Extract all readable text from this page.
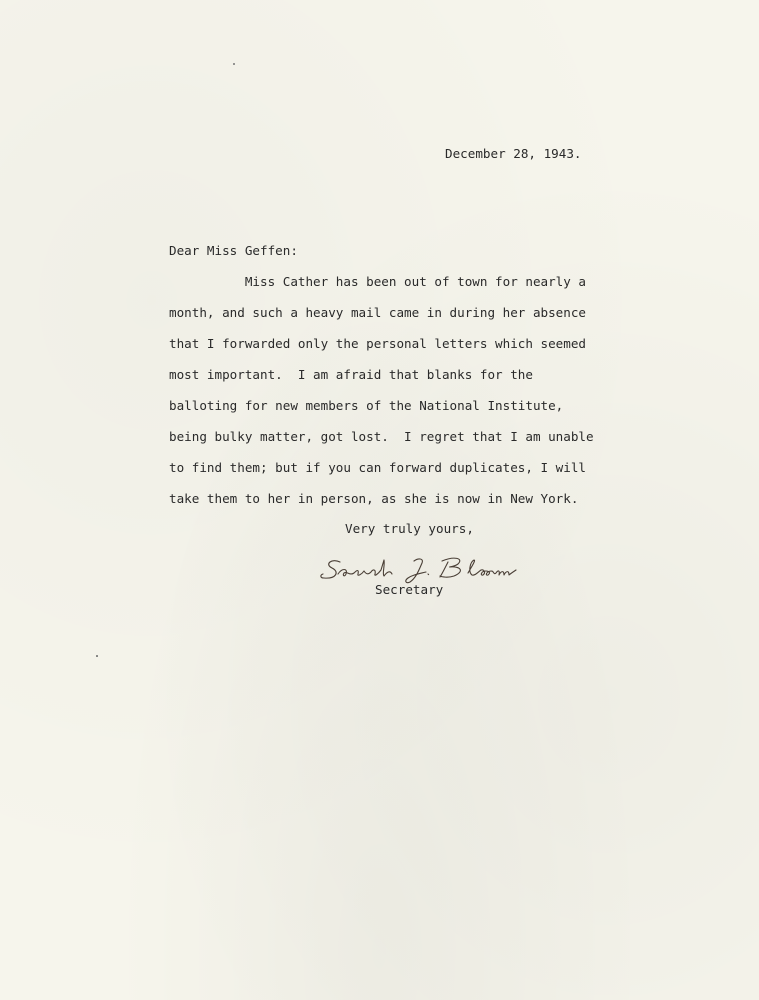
December 28, 1943.
Dear Miss Geffen:
Miss Cather has been out of town for nearly a
month, and such a heavy mail came in during her absence
that I forwarded only the personal letters which seemed
most important.  I am afraid that blanks for the
balloting for new members of the National Institute,
being bulky matter, got lost.  I regret that I am unable
to find them; but if you can forward duplicates, I will
take them to her in person, as she is now in New York.
Very truly yours,
Secretary
